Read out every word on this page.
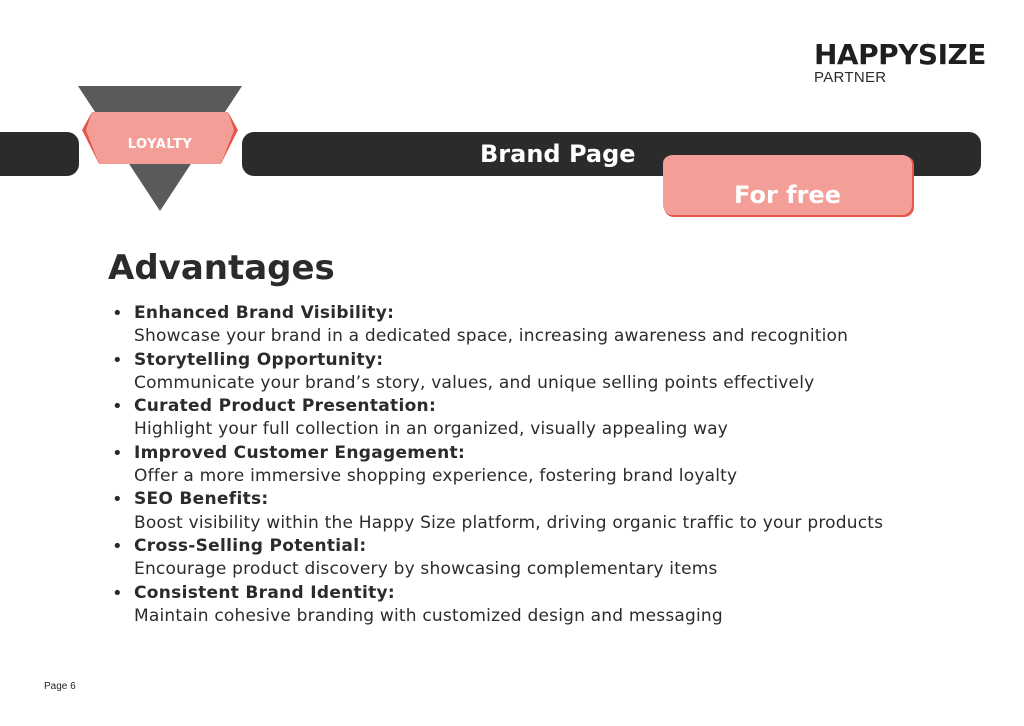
HAPPYSIZE
PARTNER
Brand Page
LOYALTY
For free
Advantages
• Enhanced Brand Visibility:
Showcase your brand in a dedicated space, increasing awareness and recognition
• Storytelling Opportunity:
Communicate your brand’s story, values, and unique selling points effectively
• Curated Product Presentation:
Highlight your full collection in an organized, visually appealing way
• Improved Customer Engagement:
Offer a more immersive shopping experience, fostering brand loyalty
• SEO Benefits:
Boost visibility within the Happy Size platform, driving organic traffic to your products
• Cross-Selling Potential:
Encourage product discovery by showcasing complementary items
• Consistent Brand Identity:
Maintain cohesive branding with customized design and messaging
Page 6
